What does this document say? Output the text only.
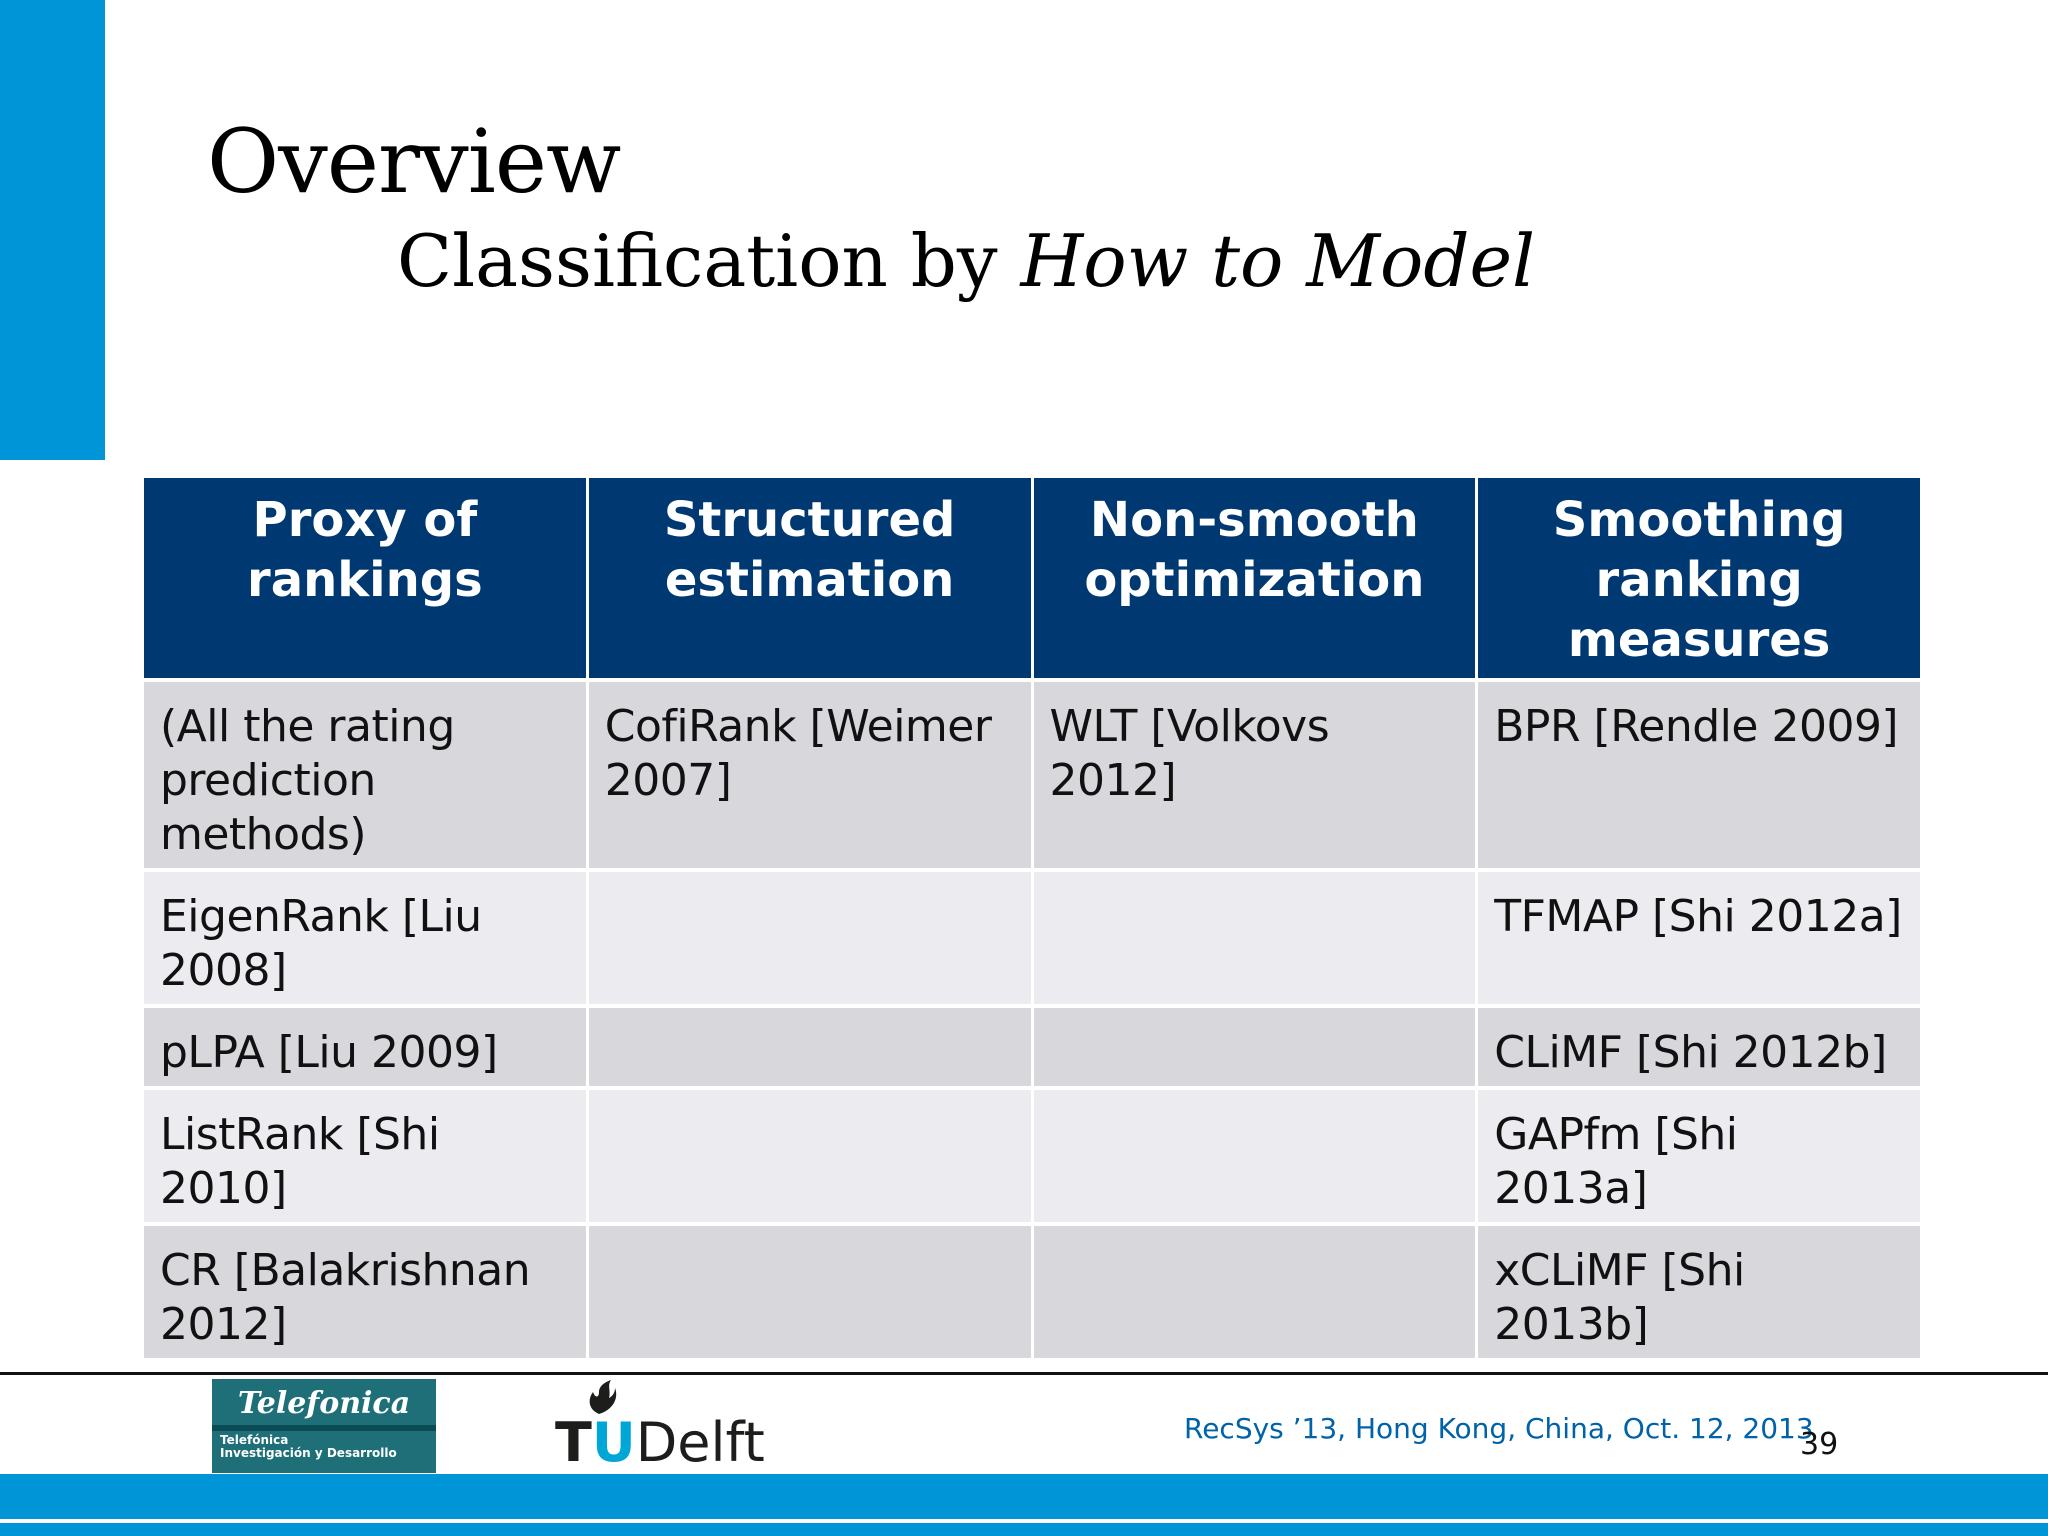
Overview
Classification by How to Model
Proxy of rankings	Structured estimation	Non-smooth optimization	Smoothing ranking measures
(All the rating prediction methods)	CofiRank [Weimer 2007]	WLT [Volkovs 2012]	BPR [Rendle 2009]
EigenRank [Liu 2008]			TFMAP [Shi 2012a]
pLPA [Liu 2009]			CLiMF [Shi 2012b]
ListRank [Shi 2010]			GAPfm [Shi 2013a]
CR [Balakrishnan 2012]			xCLiMF [Shi 2013b]
Telefonica
Telefónica
Investigación y Desarrollo	TUDelft	RecSys ’13, Hong Kong, China, Oct. 12, 2013
39
